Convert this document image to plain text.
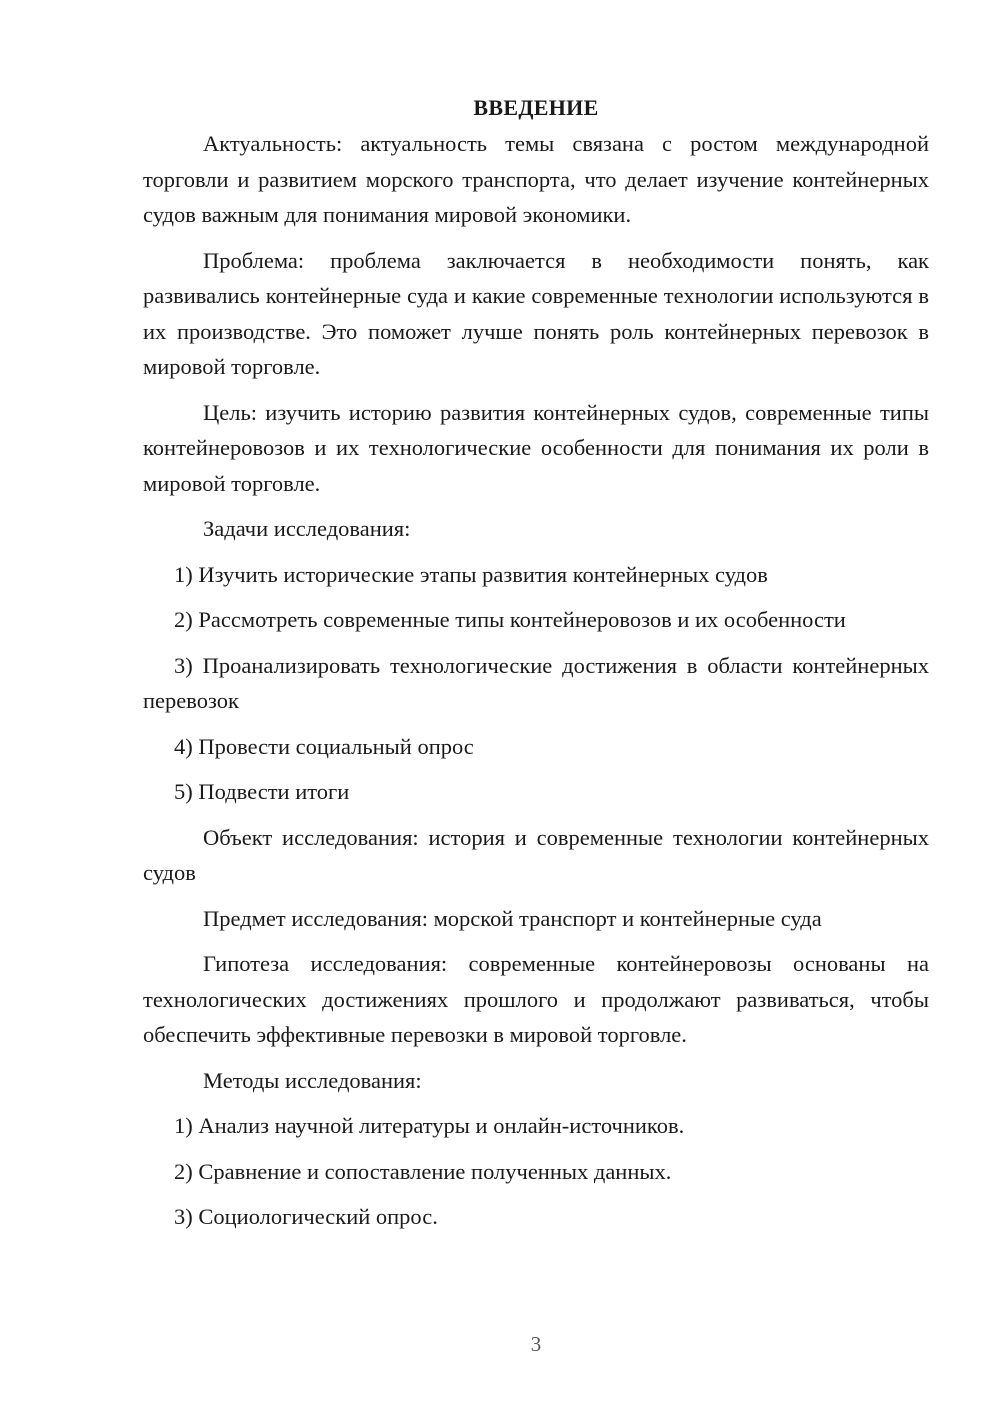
ВВЕДЕНИЕ

Актуальность: актуальность темы связана с ростом международной торговли и развитием морского транспорта, что делает изучение контейнерных судов важным для понимания мировой экономики.

Проблема: проблема заключается в необходимости понять, как развивались контейнерные суда и какие современные технологии используются в их производстве. Это поможет лучше понять роль контейнерных перевозок в мировой торговле.

Цель: изучить историю развития контейнерных судов, современные типы контейнеровозов и их технологические особенности для понимания их роли в мировой торговле.

Задачи исследования:

1) Изучить исторические этапы развития контейнерных судов

2) Рассмотреть современные типы контейнеровозов и их особенности

3) Проанализировать технологические достижения в области контейнерных перевозок

4) Провести социальный опрос

5) Подвести итоги

Объект исследования: история и современные технологии контейнерных судов

Предмет исследования: морской транспорт и контейнерные суда

Гипотеза исследования: современные контейнеровозы основаны на технологических достижениях прошлого и продолжают развиваться, чтобы обеспечить эффективные перевозки в мировой торговле.

Методы исследования:

1) Анализ научной литературы и онлайн-источников.

2) Сравнение и сопоставление полученных данных.

3) Социологический опрос.

3
